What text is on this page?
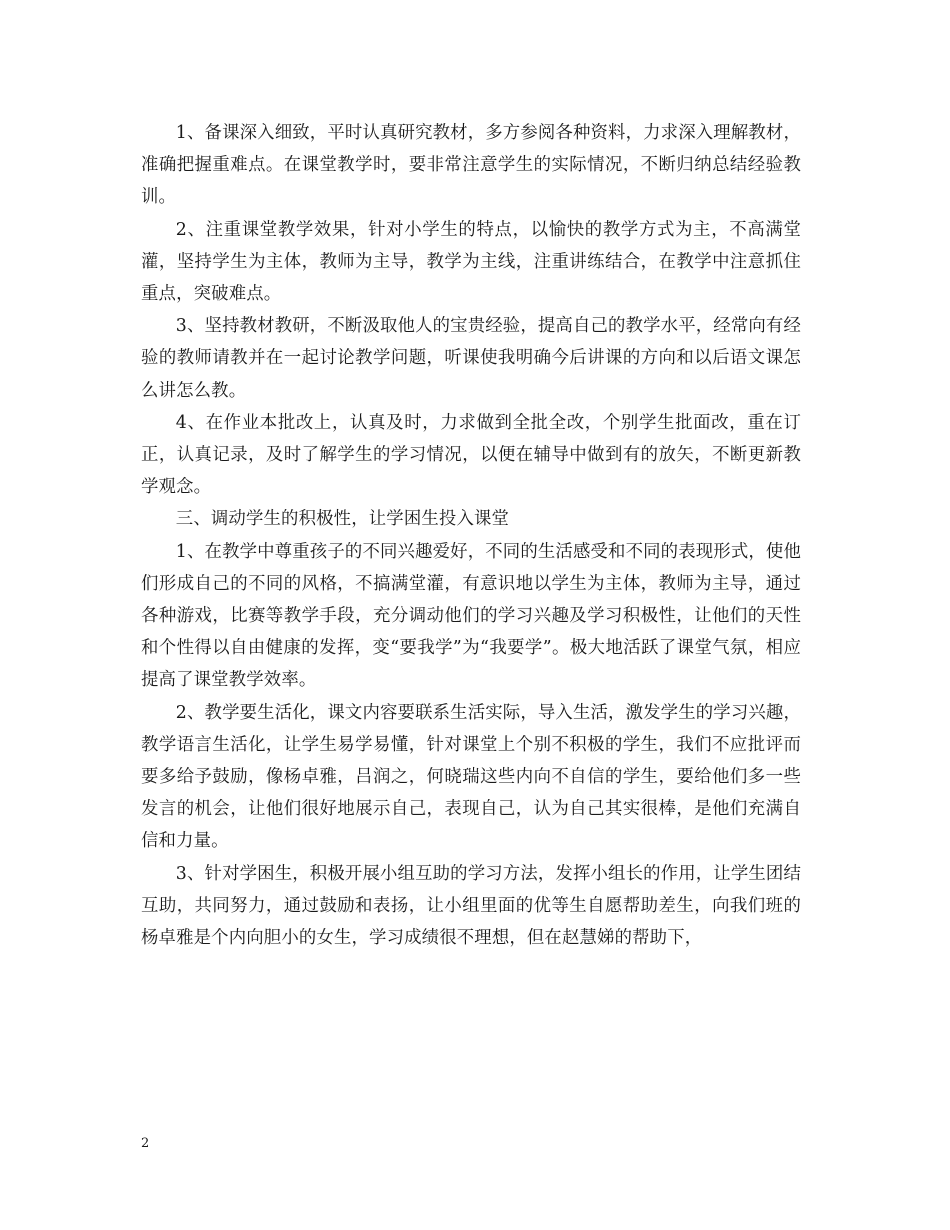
1、备课深入细致，平时认真研究教材，多方参阅各种资料，力求深入理解教材，准确把握重难点。在课堂教学时，要非常注意学生的实际情况，不断归纳总结经验教训。

2、注重课堂教学效果，针对小学生的特点，以愉快的教学方式为主，不高满堂灌，坚持学生为主体，教师为主导，教学为主线，注重讲练结合，在教学中注意抓住重点，突破难点。

3、坚持教材教研，不断汲取他人的宝贵经验，提高自己的教学水平，经常向有经验的教师请教并在一起讨论教学问题，听课使我明确今后讲课的方向和以后语文课怎么讲怎么教。

4、在作业本批改上，认真及时，力求做到全批全改，个别学生批面改，重在订正，认真记录，及时了解学生的学习情况，以便在辅导中做到有的放矢，不断更新教学观念。

三、调动学生的积极性，让学困生投入课堂

1、在教学中尊重孩子的不同兴趣爱好，不同的生活感受和不同的表现形式，使他们形成自己的不同的风格，不搞满堂灌，有意识地以学生为主体，教师为主导，通过各种游戏，比赛等教学手段，充分调动他们的学习兴趣及学习积极性，让他们的天性和个性得以自由健康的发挥，变“要我学”为“我要学”。极大地活跃了课堂气氛，相应提高了课堂教学效率。

2、教学要生活化，课文内容要联系生活实际，导入生活，激发学生的学习兴趣，教学语言生活化，让学生易学易懂，针对课堂上个别不积极的学生，我们不应批评而要多给予鼓励，像杨卓雅，吕润之，何晓瑞这些内向不自信的学生，要给他们多一些发言的机会，让他们很好地展示自己，表现自己，认为自己其实很棒，是他们充满自信和力量。

3、针对学困生，积极开展小组互助的学习方法，发挥小组长的作用，让学生团结互助，共同努力，通过鼓励和表扬，让小组里面的优等生自愿帮助差生，向我们班的杨卓雅是个内向胆小的女生，学习成绩很不理想，但在赵慧娣的帮助下，

2
